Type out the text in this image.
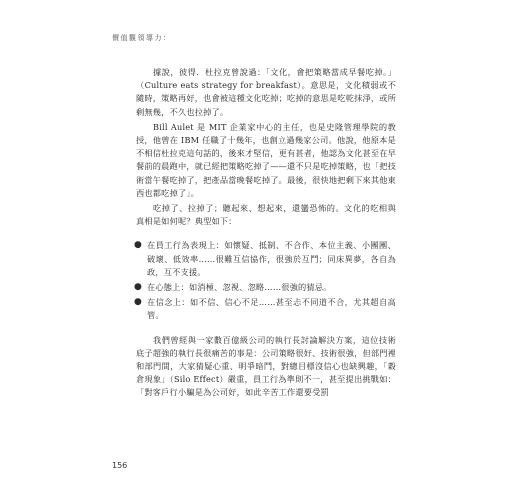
價值觀領導力：

據說，彼得．杜拉克曾說過：「文化，會把策略當成早餐吃掉。」（Culture eats strategy for breakfast）。意思是，文化積弱或不隨時，策略再好，也會被這種文化吃掉；吃掉的意思是吃乾抹淨，或所剩無幾，不久也拉掉了。

Bill Aulet 是 MIT 企業家中心的主任，也是史隆管理學院的教授，他曾在 IBM 任職了十幾年，也創立過幾家公司。他說，他原本是不相信杜拉克這句話的，後來才堅信，更有甚者，他認為文化甚至在早餐前的晨跑中，就已經把策略吃掉了——還不只是吃掉策略，也「把技術當午餐吃掉了，把產品當晚餐吃掉了。最後，很快地把剩下來其他東西也都吃掉了」。

吃掉了、拉掉了；聽起來、想起來，還蠻恐怖的。文化的吃相與真相是如何呢？典型如下：

● 在員工行為表現上：如懷疑、抵制、不合作、本位主義、小團團、破壞、低效率……很難互信協作，很強於互鬥；同床異夢，各自為政，互不支援。
● 在心態上：如消極、忽視、忽略……很強的猜忌。
● 在信念上：如不信、信心不足……甚至忐不同道不合，尤其超自高管。

我們曾經與一家數百億級公司的執行長討論解決方案，這位技術底子超強的執行長很痛苦的事是：公司策略很好、技術很強，但部門裡和部門間，大家猜疑心重、明爭暗鬥，對總目標沒信心也缺興趣，「穀倉現象」（Silo Effect）嚴重，員工行為準則不一，甚至提出挑戰如：「對客戶行小騙是為公司好，如此辛苦工作還要受罰

156
